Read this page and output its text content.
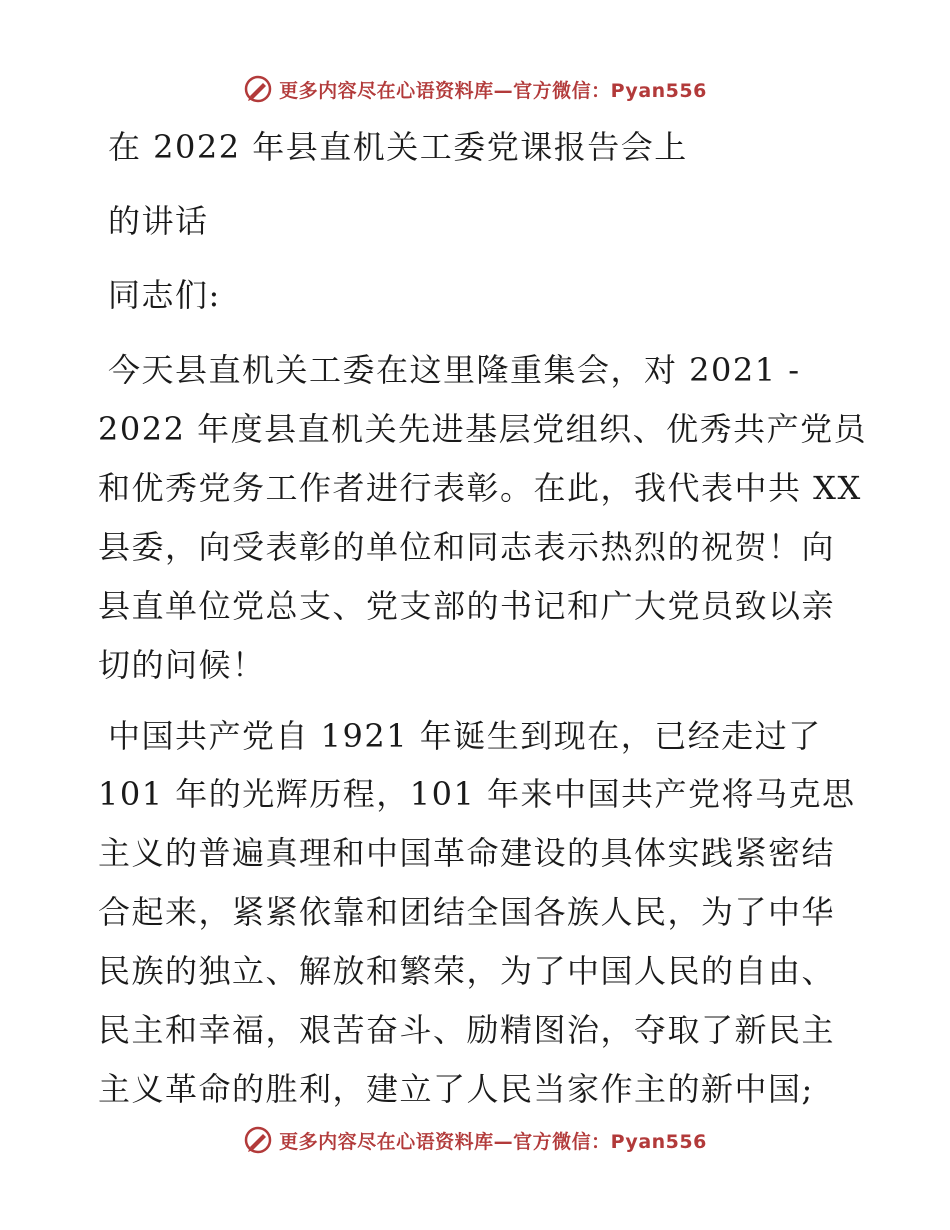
更多内容尽在心语资料库—官方微信：Pyan556
在 2022 年县直机关工委党课报告会上
的讲话
同志们:
今天县直机关工委在这里隆重集会，对 2021 -
2022 年度县直机关先进基层党组织、优秀共产党员
和优秀党务工作者进行表彰。在此，我代表中共 XX
县委，向受表彰的单位和同志表示热烈的祝贺！向
县直单位党总支、党支部的书记和广大党员致以亲
切的问候！
中国共产党自 1921 年诞生到现在，已经走过了
101 年的光辉历程，101 年来中国共产党将马克思
主义的普遍真理和中国革命建设的具体实践紧密结
合起来，紧紧依靠和团结全国各族人民，为了中华
民族的独立、解放和繁荣，为了中国人民的自由、
民主和幸福，艰苦奋斗、励精图治，夺取了新民主
主义革命的胜利，建立了人民当家作主的新中国;
更多内容尽在心语资料库—官方微信：Pyan556
